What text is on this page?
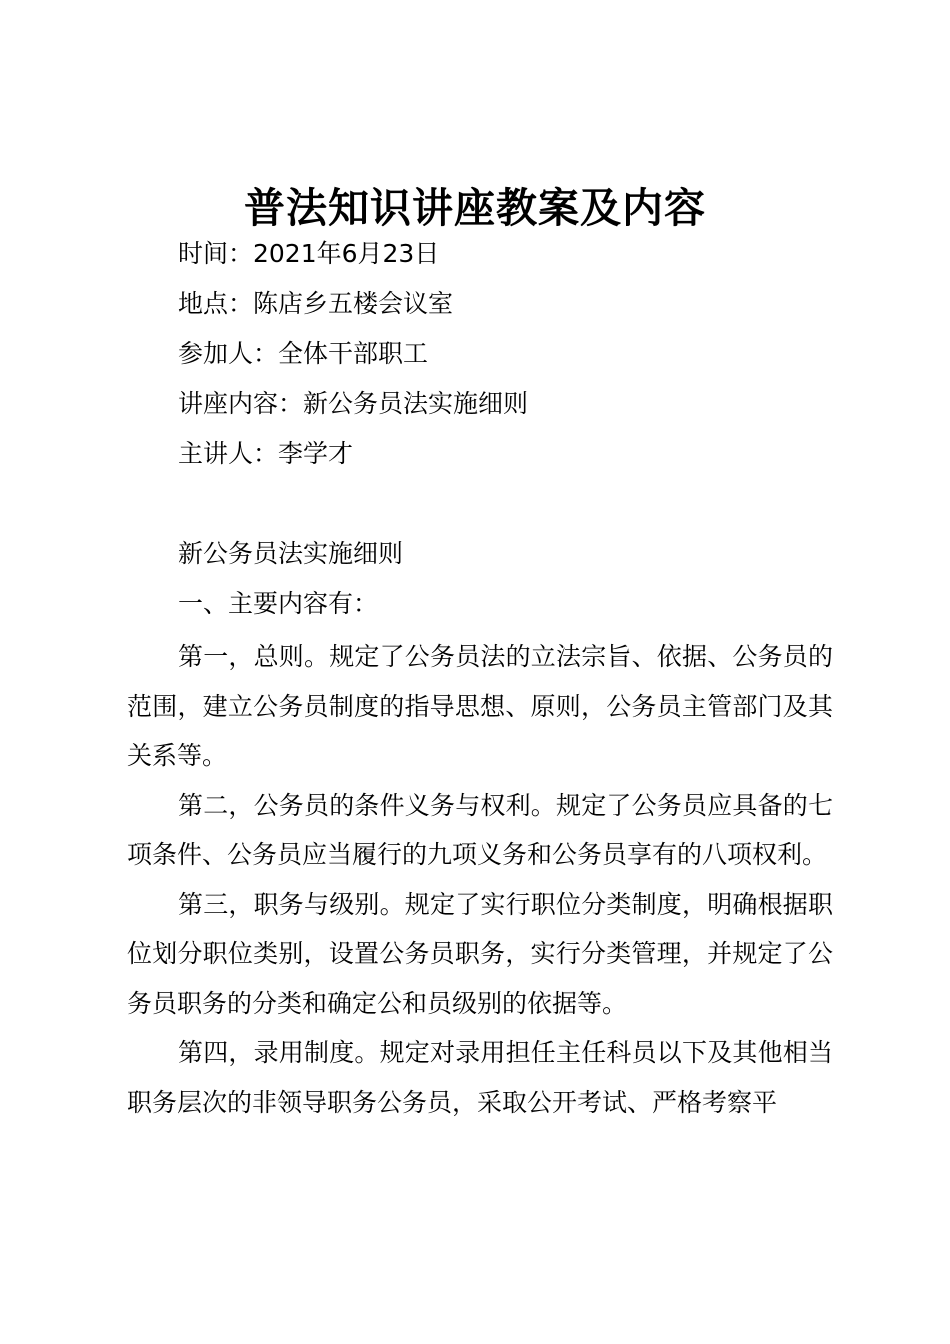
普法知识讲座教案及内容

时间：2021年6月23日

地点：陈店乡五楼会议室

参加人：全体干部职工

讲座内容：新公务员法实施细则

主讲人：李学才

新公务员法实施细则

一、主要内容有：

第一，总则。规定了公务员法的立法宗旨、依据、公务员的范围，建立公务员制度的指导思想、原则，公务员主管部门及其关系等。

第二，公务员的条件义务与权利。规定了公务员应具备的七项条件、公务员应当履行的九项义务和公务员享有的八项权利。

第三，职务与级别。规定了实行职位分类制度，明确根据职位划分职位类别，设置公务员职务，实行分类管理，并规定了公务员职务的分类和确定公和员级别的依据等。

第四，录用制度。规定对录用担任主任科员以下及其他相当职务层次的非领导职务公务员，采取公开考试、严格考察平
